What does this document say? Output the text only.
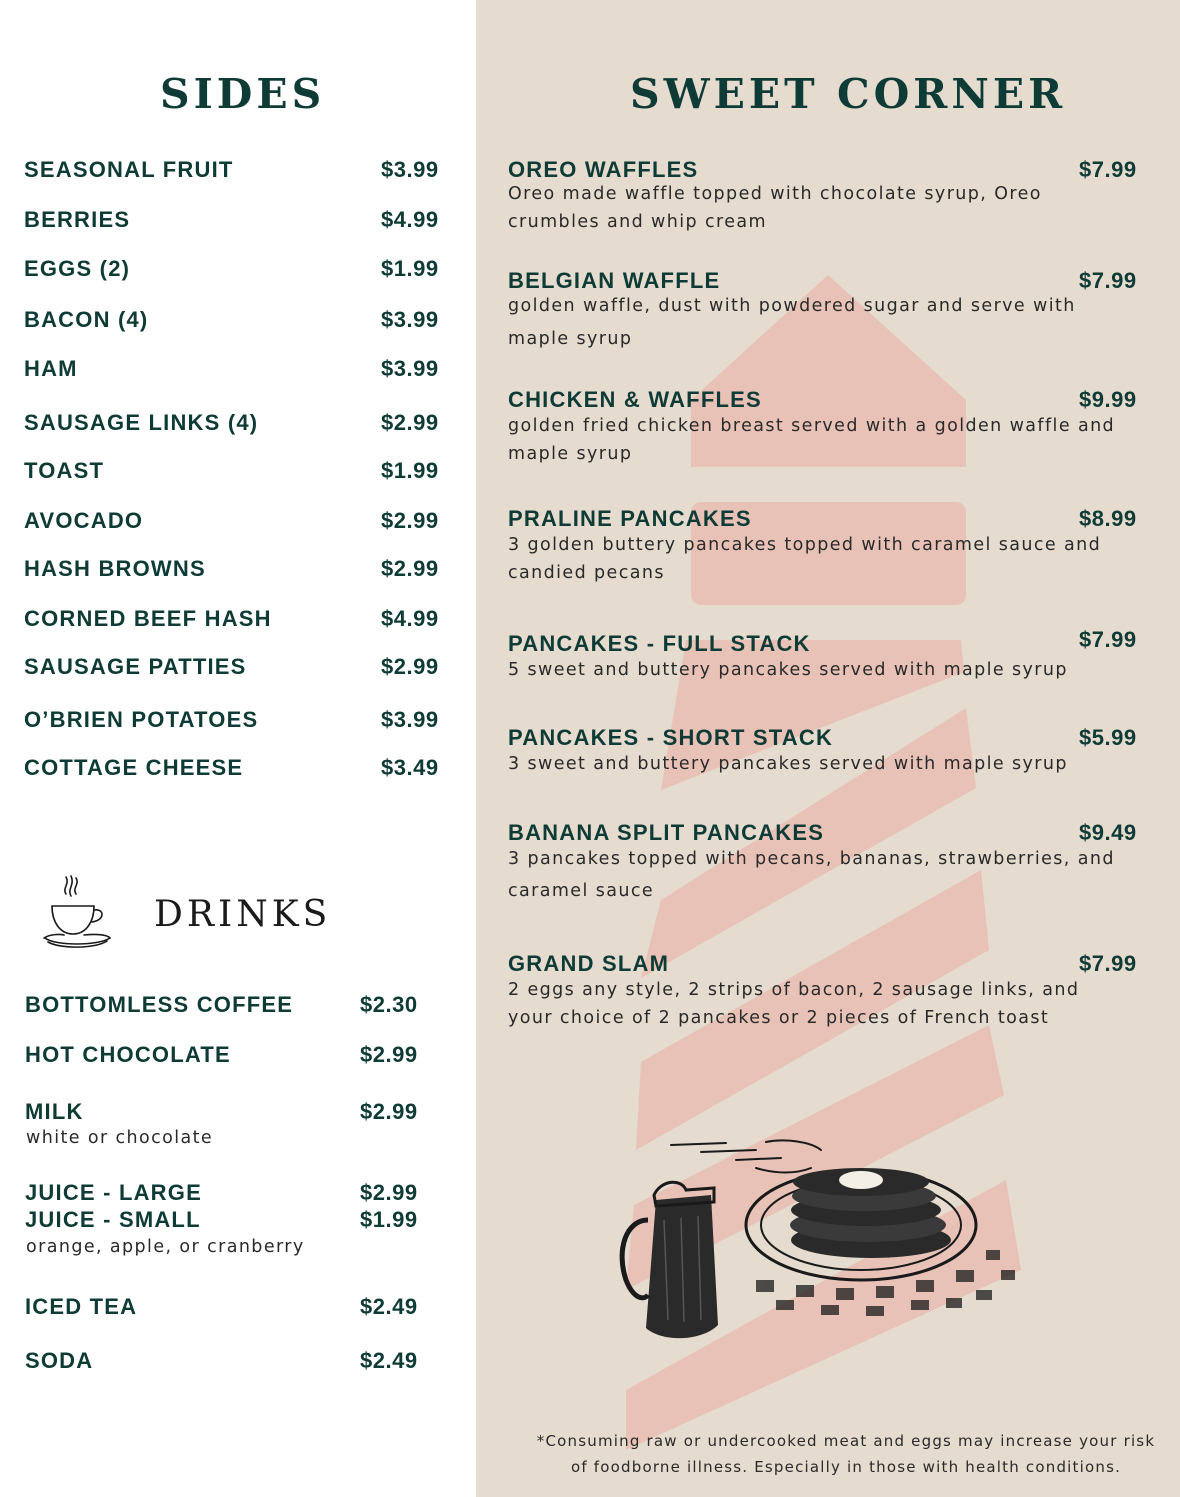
SIDES
SEASONAL FRUIT	$3.99
BERRIES	$4.99
EGGS (2)	$1.99
BACON (4)	$3.99
HAM	$3.99
SAUSAGE LINKS (4)	$2.99
TOAST	$1.99
AVOCADO	$2.99
HASH BROWNS	$2.99
CORNED BEEF HASH	$4.99
SAUSAGE PATTIES	$2.99
O’BRIEN POTATOES	$3.99
COTTAGE CHEESE	$3.49
DRINKS
BOTTOMLESS COFFEE	$2.30
HOT CHOCOLATE	$2.99
MILK	$2.99
white or chocolate
JUICE - LARGE	$2.99
JUICE - SMALL	$1.99
orange, apple, or cranberry
ICED TEA	$2.49
SODA	$2.49
SWEET CORNER
OREO WAFFLES	$7.99
Oreo made waffle topped with chocolate syrup, Oreo
crumbles and whip cream
BELGIAN WAFFLE	$7.99
golden waffle, dust with powdered sugar and serve with
maple syrup
CHICKEN & WAFFLES	$9.99
golden fried chicken breast served with a golden waffle and
maple syrup
PRALINE PANCAKES	$8.99
3 golden buttery pancakes topped with caramel sauce and
candied pecans
PANCAKES - FULL STACK	$7.99
5 sweet and buttery pancakes served with maple syrup
PANCAKES - SHORT STACK	$5.99
3 sweet and buttery pancakes served with maple syrup
BANANA SPLIT PANCAKES	$9.49
3 pancakes topped with pecans, bananas, strawberries, and
caramel sauce
GRAND SLAM	$7.99
2 eggs any style, 2 strips of bacon, 2 sausage links, and
your choice of 2 pancakes or 2 pieces of French toast
*Consuming raw or undercooked meat and eggs may increase your risk
of foodborne illness. Especially in those with health conditions.
